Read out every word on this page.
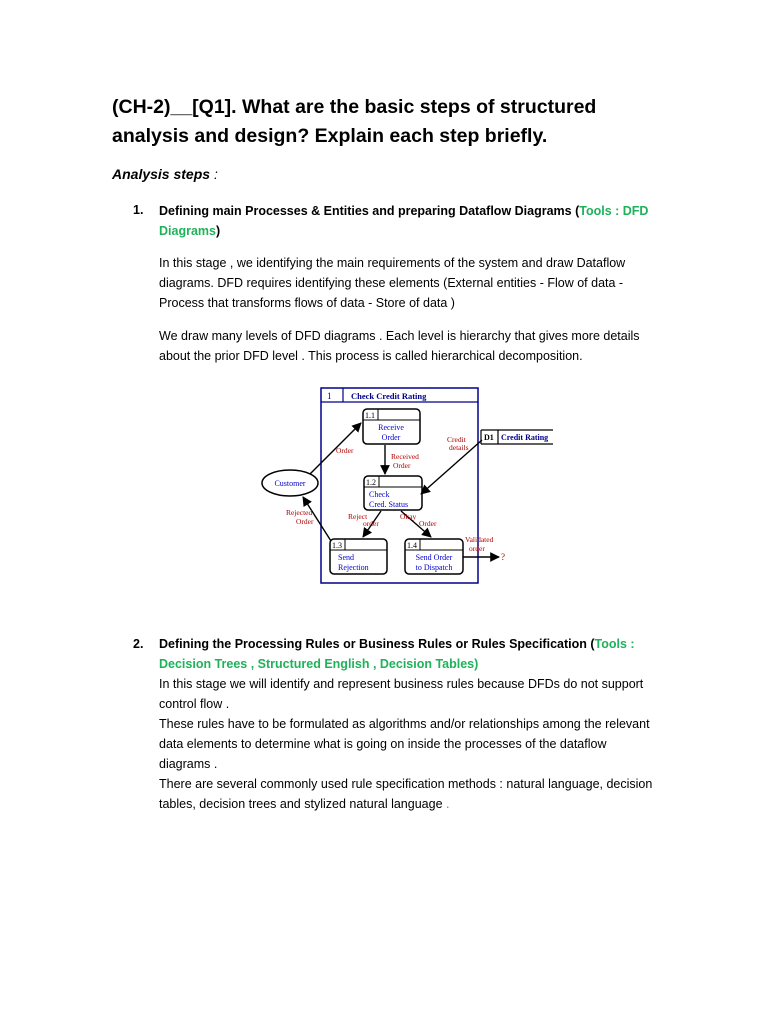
(CH-2)__[Q1]. What are the basic steps of structured analysis and design? Explain each step briefly.
Analysis steps :
1. Defining main Processes & Entities and preparing Dataflow Diagrams (Tools : DFD Diagrams)

In this stage , we identifying the main requirements of the system and draw Dataflow diagrams. DFD requires identifying these elements (External entities - Flow of data - Process that transforms flows of data - Store of data )

We draw many levels of DFD diagrams . Each level is hierarchy that gives more details about the prior DFD level . This process is called hierarchical decomposition.

1 Check Credit Rating
1.1
Receive
Order
1.2
Check
Cred. Status
1.3
Send
Rejection
1.4
Send Order
to Dispatch
Customer
D1 Credit Rating
Order
Received
Order
Credit
details
Rejected
Order
Reject
order
Okay
Order
Validated
order
?
2. Defining the Processing Rules or Business Rules or Rules Specification (Tools : Decision Trees , Structured English , Decision Tables)

In this stage we will identify and represent business rules because DFDs do not support control flow .
These rules have to be formulated as algorithms and/or relationships among the relevant data elements to determine what is going on inside the processes of the dataflow diagrams .
There are several commonly used rule specification methods : natural language, decision tables, decision trees and stylized natural language .
